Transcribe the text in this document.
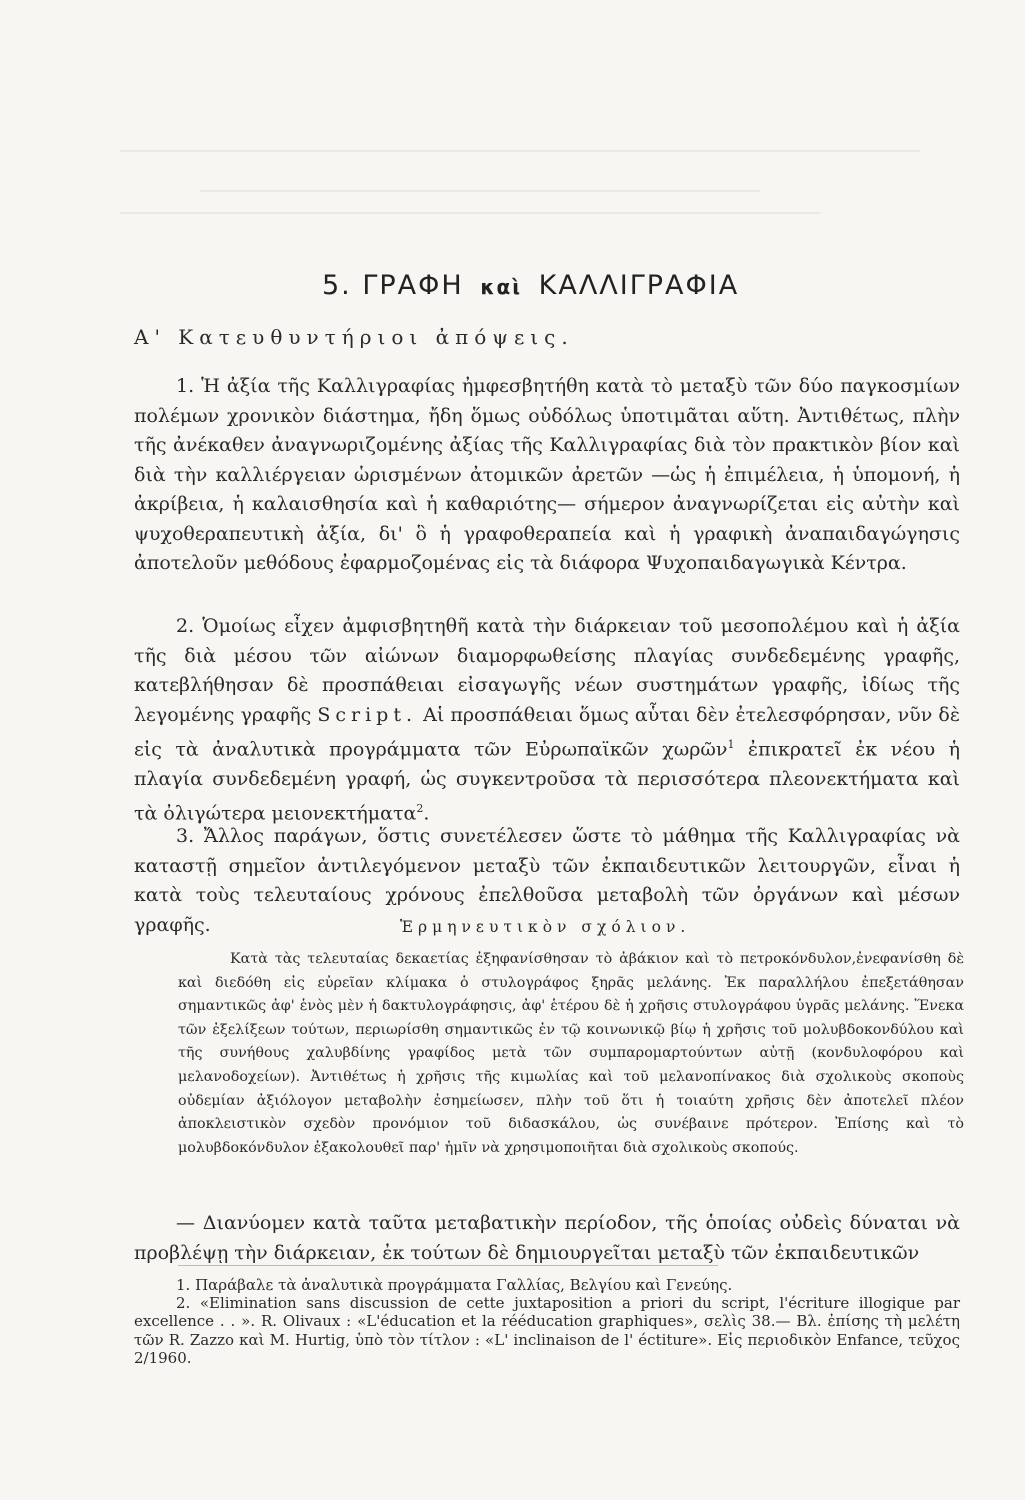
5. ΓΡΑΦΗ καὶ ΚΑΛΛΙΓΡΑΦΙΑ
Α' Κατευθυντήριοι ἀπόψεις.

1. Ἡ ἀξία τῆς Καλλιγραφίας ἠμφεσβητήθη κατὰ τὸ μεταξὺ τῶν δύο παγκοσμίων πολέμων χρονικὸν διάστημα, ἤδη ὅμως οὐδόλως ὑποτιμᾶται αὕτη. Ἀντιθέτως, πλὴν τῆς ἀνέκαθεν ἀναγνωριζομένης ἀξίας τῆς Καλλιγραφίας διὰ τὸν πρακτικὸν βίον καὶ διὰ τὴν καλλιέργειαν ὡρισμένων ἀτομικῶν ἀρετῶν —ὡς ἡ ἐπιμέλεια, ἡ ὑπομονή, ἡ ἀκρίβεια, ἡ καλαισθησία καὶ ἡ καθαριότης— σήμερον ἀναγνωρίζεται εἰς αὐτὴν καὶ ψυχοθεραπευτικὴ ἀξία, δι' ὃ ἡ γραφοθεραπεία καὶ ἡ γραφικὴ ἀναπαιδαγώγησις ἀποτελοῦν μεθόδους ἐφαρμοζομένας εἰς τὰ διάφορα Ψυχοπαιδαγωγικὰ Κέντρα.

2. Ὁμοίως εἶχεν ἀμφισβητηθῆ κατὰ τὴν διάρκειαν τοῦ μεσοπολέμου καὶ ἡ ἀξία τῆς διὰ μέσου τῶν αἰώνων διαμορφωθείσης πλαγίας συνδεδεμένης γραφῆς, κατεβλήθησαν δὲ προσπάθειαι εἰσαγωγῆς νέων συστημάτων γραφῆς, ἰδίως τῆς λεγομένης γραφῆς Script. Αἱ προσπάθειαι ὅμως αὗται δὲν ἐτελεσφόρησαν, νῦν δὲ εἰς τὰ ἀναλυτικὰ προγράμματα τῶν Εὐρωπαϊκῶν χωρῶν$^1$ ἐπικρατεῖ ἐκ νέου ἡ πλαγία συνδεδεμένη γραφή, ὡς συγκεντροῦσα τὰ περισσότερα πλεονεκτήματα καὶ τὰ ὀλιγώτερα μειονεκτήματα$^2$.

3. Ἄλλος παράγων, ὅστις συνετέλεσεν ὥστε τὸ μάθημα τῆς Καλλιγραφίας νὰ καταστῇ σημεῖον ἀντιλεγόμενον μεταξὺ τῶν ἐκπαιδευτικῶν λειτουργῶν, εἶναι ἡ κατὰ τοὺς τελευταίους χρόνους ἐπελθοῦσα μεταβολὴ τῶν ὀργάνων καὶ μέσων γραφῆς.	Ἑρμηνευτικὸν σχόλιον.

Κατὰ τὰς τελευταίας δεκαετίας ἐξηφανίσθησαν τὸ ἀβάκιον καὶ τὸ πετροκόνδυλον,ἐνεφανίσθη δὲ καὶ διεδόθη εἰς εὐρεῖαν κλίμακα ὁ στυλογράφος ξηρᾶς μελάνης. Ἐκ παραλλήλου ἐπεξετάθησαν σημαντικῶς ἀφ' ἑνὸς μὲν ἡ δακτυλογράφησις, ἀφ' ἑτέρου δὲ ἡ χρῆσις στυλογράφου ὑγρᾶς μελάνης. Ἕνεκα τῶν ἐξελίξεων τούτων, περιωρίσθη σημαντικῶς ἐν τῷ κοινωνικῷ βίῳ ἡ χρῆσις τοῦ μολυβδοκονδύλου καὶ τῆς συνήθους χαλυβδίνης γραφίδος μετὰ τῶν συμπαρομαρτούντων αὐτῇ (κονδυλοφόρου καὶ μελανοδοχείων). Ἀντιθέτως ἡ χρῆσις τῆς κιμωλίας καὶ τοῦ μελανοπίνακος διὰ σχολικοὺς σκοποὺς οὐδεμίαν ἀξιόλογον μεταβολὴν ἐσημείωσεν, πλὴν τοῦ ὅτι ἡ τοιαύτη χρῆσις δὲν ἀποτελεῖ πλέον ἀποκλειστικὸν σχεδὸν προνόμιον τοῦ διδασκάλου, ὡς συνέβαινε πρότερον. Ἐπίσης καὶ τὸ μολυβδοκόνδυλον ἐξακολουθεῖ παρ' ἡμῖν νὰ χρησιμοποιῆται διὰ σχολικοὺς σκοπούς.

— Διανύομεν κατὰ ταῦτα μεταβατικὴν περίοδον, τῆς ὁποίας οὐδεὶς δύναται νὰ προβλέψῃ τὴν διάρκειαν, ἐκ τούτων δὲ δημιουργεῖται μεταξὺ τῶν ἐκπαιδευτικῶν

1. Παράβαλε τὰ ἀναλυτικὰ προγράμματα Γαλλίας, Βελγίου καὶ Γενεύης.

2. «Elimination sans discussion de cette juxtaposition a priori du script, l'écriture illogique par excellence . . ». R. Olivaux : «L'éducation et la rééducation graphiques», σελὶς 38.— Βλ. ἐπίσης τὴ μελέτη τῶν R. Zazzo καὶ M. Hurtig, ὑπὸ τὸν τίτλον : «L' inclinaison de l' éctiture». Εἰς περιοδικὸν Enfance, τεῦχος 2/1960.
